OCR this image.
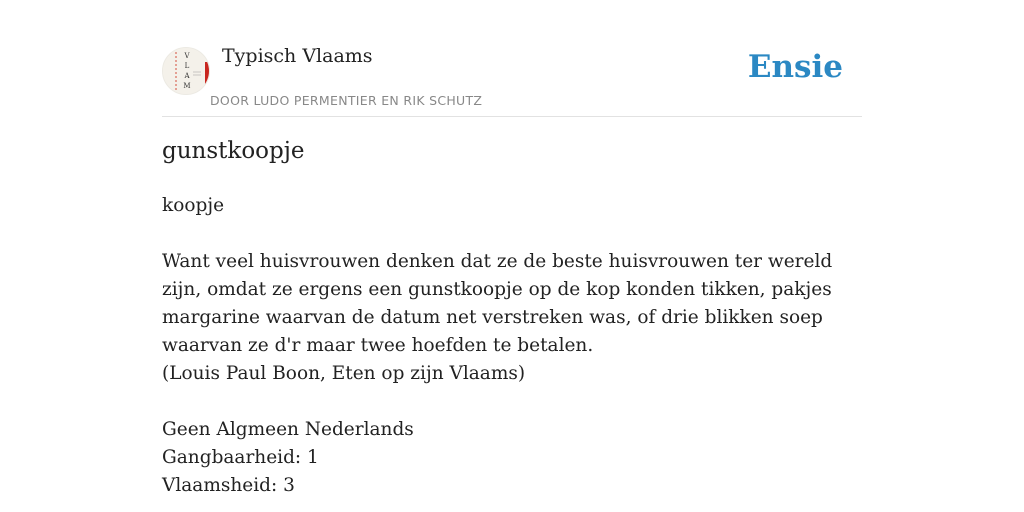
V
L
A
M
Typisch Vlaams
DOOR LUDO PERMENTIER EN RIK SCHUTZ
Ensie
gunstkoopje

koopje

Want veel huisvrouwen denken dat ze de beste huisvrouwen ter wereld zijn, omdat ze ergens een gunstkoopje op de kop konden tikken, pakjes margarine waarvan de datum net verstreken was, of drie blikken soep waarvan ze d'r maar twee hoefden te betalen.

(Louis Paul Boon, Eten op zijn Vlaams)

Geen Algmeen Nederlands

Gangbaarheid: 1

Vlaamsheid: 3
